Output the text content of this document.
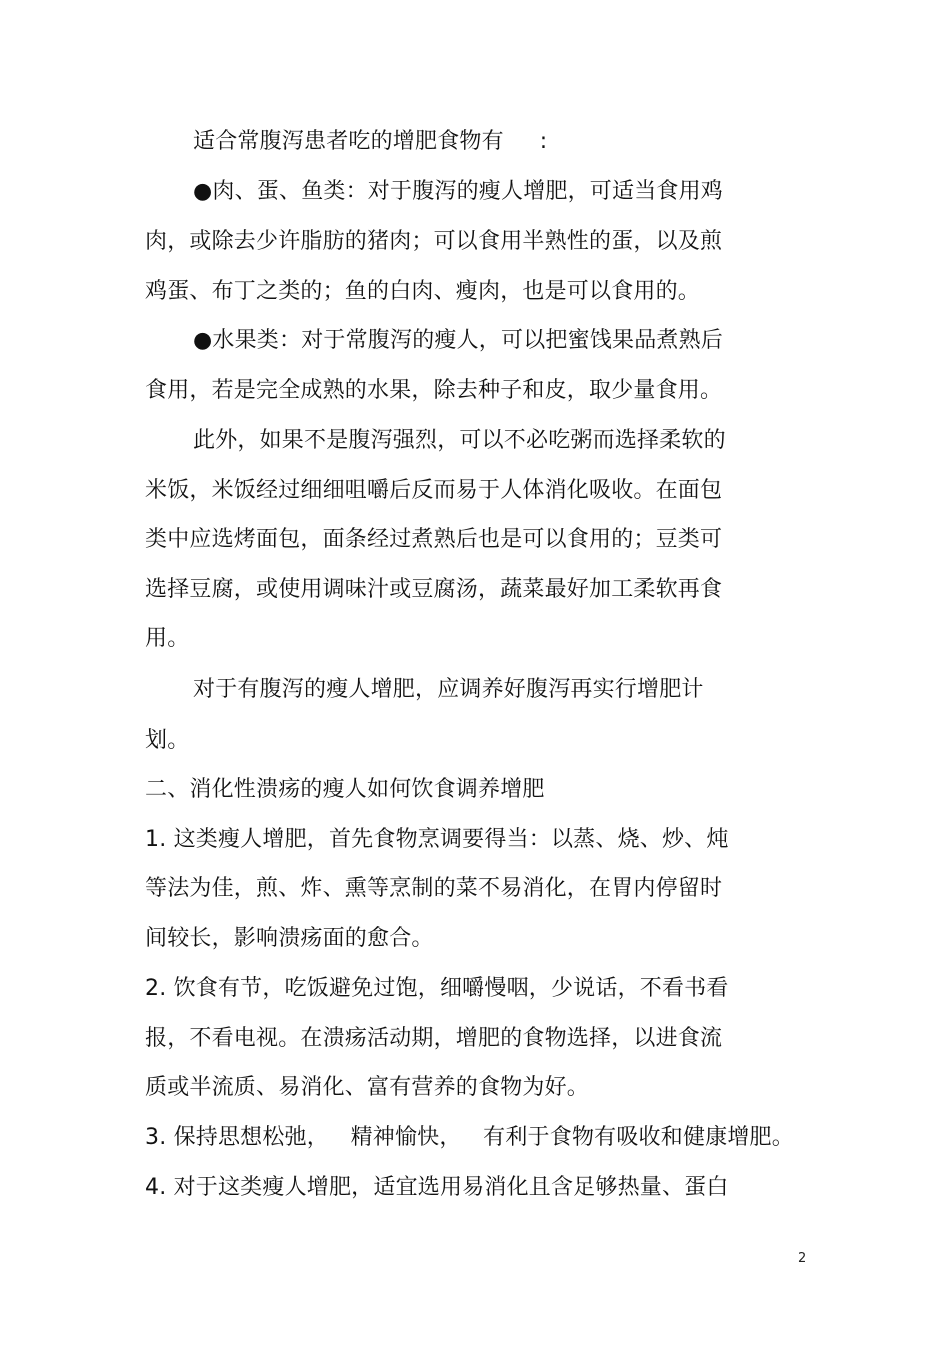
适合常腹泻患者吃的增肥食物有     :
●肉、蛋、鱼类：对于腹泻的瘦人增肥，可适当食用鸡
肉，或除去少许脂肪的猪肉；可以食用半熟性的蛋，以及煎
鸡蛋、布丁之类的；鱼的白肉、瘦肉，也是可以食用的。
●水果类：对于常腹泻的瘦人，可以把蜜饯果品煮熟后
食用，若是完全成熟的水果，除去种子和皮，取少量食用。
此外，如果不是腹泻强烈，可以不必吃粥而选择柔软的
米饭，米饭经过细细咀嚼后反而易于人体消化吸收。在面包
类中应选烤面包，面条经过煮熟后也是可以食用的；豆类可
选择豆腐，或使用调味汁或豆腐汤，蔬菜最好加工柔软再食
用。
对于有腹泻的瘦人增肥，应调养好腹泻再实行增肥计
划。
二、消化性溃疡的瘦人如何饮食调养增肥
1. 这类瘦人增肥，首先食物烹调要得当：以蒸、烧、炒、炖
等法为佳，煎、炸、熏等烹制的菜不易消化，在胃内停留时
间较长，影响溃疡面的愈合。
2. 饮食有节，吃饭避免过饱，细嚼慢咽，少说话，不看书看
报，不看电视。在溃疡活动期，增肥的食物选择，以进食流
质或半流质、易消化、富有营养的食物为好。
3. 保持思想松弛，   精神愉快，   有利于食物有吸收和健康增肥。
4. 对于这类瘦人增肥，适宜选用易消化且含足够热量、蛋白
2
